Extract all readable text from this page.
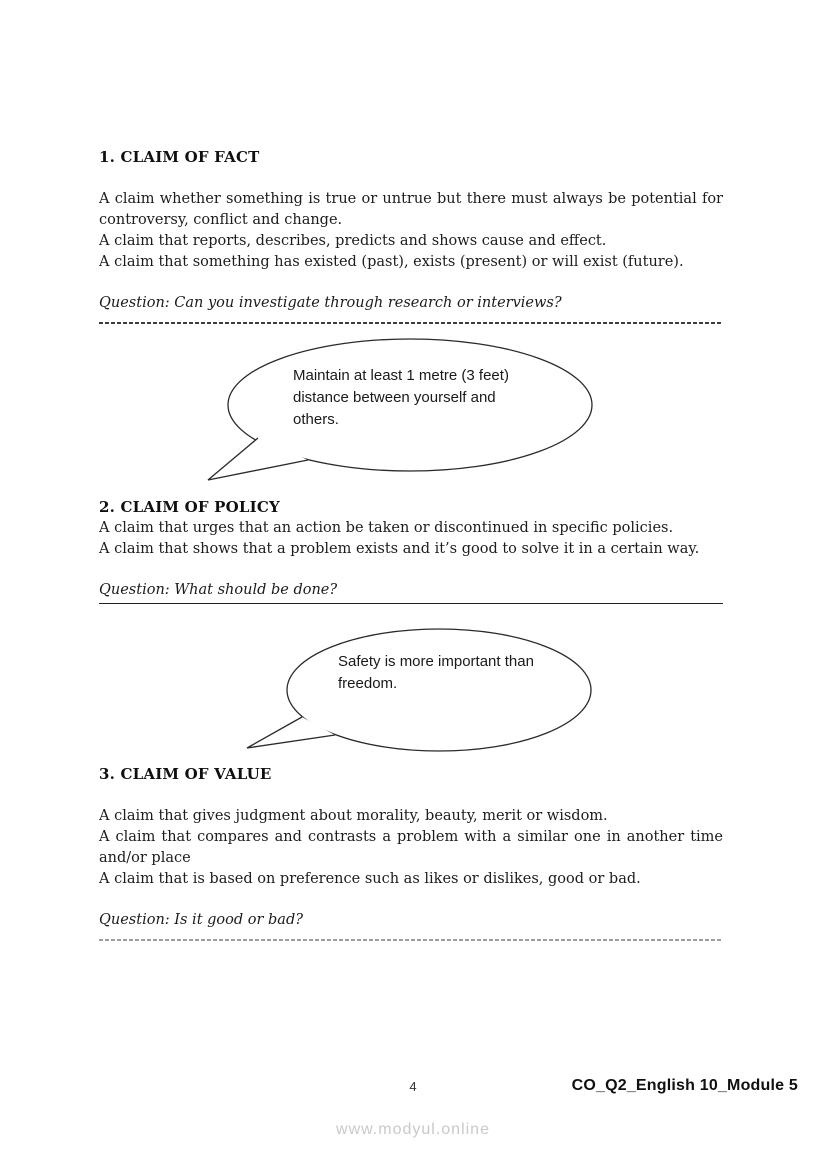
1. CLAIM OF FACT
A claim whether something is true or untrue but there must always be potential for controversy, conflict and change.
A claim that reports, describes, predicts and shows cause and effect.
A claim that something has existed (past), exists (present) or will exist (future).
Question: Can you investigate through research or interviews?
Maintain at least 1 metre (3 feet) distance between yourself and others.
2. CLAIM OF POLICY
A claim that urges that an action be taken or discontinued in specific policies.
A claim that shows that a problem exists and it’s good to solve it in a certain way.
Question: What should be done?
Safety is more important than freedom.
3. CLAIM OF VALUE
A claim that gives judgment about morality, beauty, merit or wisdom.
A claim that compares and contrasts a problem with a similar one in another time and/or place
A claim that is based on preference such as likes or dislikes, good or bad.
Question: Is it good or bad?
4	CO_Q2_English 10_Module 5
www.modyul.online
